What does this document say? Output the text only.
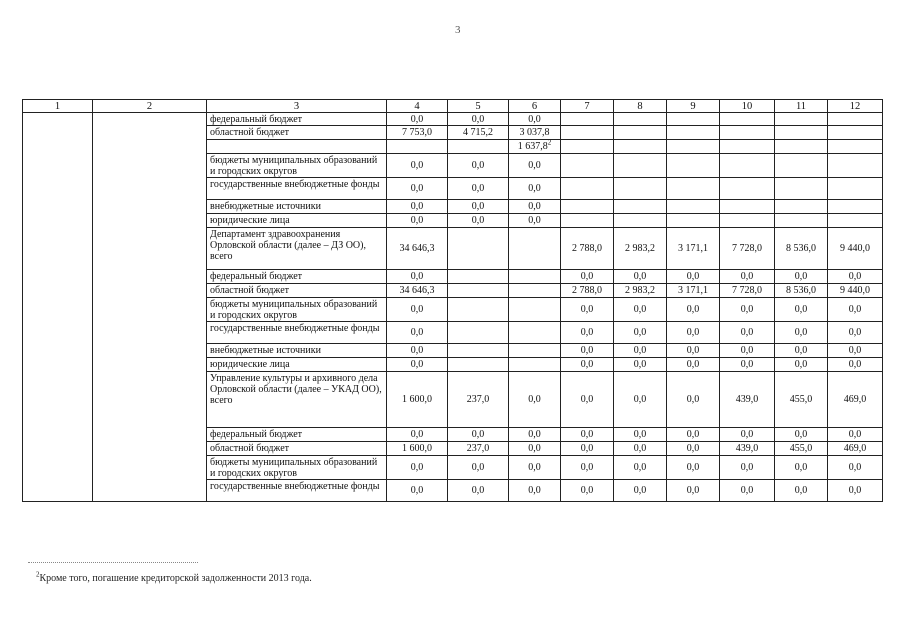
3
1	2	3	4	5	6	7	8	9	10	11	12
		федеральный бюджет	0,0	0,0	0,0						
		областной бюджет	7 753,0	4 715,2	3 037,8						
					1 637,8$^2$						
		бюджеты муниципальных образований и городских округов	0,0	0,0	0,0						
		государственные внебюджетные фонды	0,0	0,0	0,0						
		внебюджетные источники	0,0	0,0	0,0						
		юридические лица	0,0	0,0	0,0						
		Департамент здравоохранения Орловской области (далее – ДЗ ОО), всего	34 646,3			2 788,0	2 983,2	3 171,1	7 728,0	8 536,0	9 440,0
		федеральный бюджет	0,0			0,0	0,0	0,0	0,0	0,0	0,0
		областной бюджет	34 646,3			2 788,0	2 983,2	3 171,1	7 728,0	8 536,0	9 440,0
		бюджеты муниципальных образований и городских округов	0,0			0,0	0,0	0,0	0,0	0,0	0,0
		государственные внебюджетные фонды	0,0			0,0	0,0	0,0	0,0	0,0	0,0
		внебюджетные источники	0,0			0,0	0,0	0,0	0,0	0,0	0,0
		юридические лица	0,0			0,0	0,0	0,0	0,0	0,0	0,0
		Управление культуры и архивного дела Орловской области (далее – УКАД ОО), всего	1 600,0	237,0	0,0	0,0	0,0	0,0	439,0	455,0	469,0
		федеральный бюджет	0,0	0,0	0,0	0,0	0,0	0,0	0,0	0,0	0,0
		областной бюджет	1 600,0	237,0	0,0	0,0	0,0	0,0	439,0	455,0	469,0
		бюджеты муниципальных образований и городских округов	0,0	0,0	0,0	0,0	0,0	0,0	0,0	0,0	0,0
		государственные внебюджетные фонды	0,0	0,0	0,0	0,0	0,0	0,0	0,0	0,0	0,0
$^2$Кроме того, погашение кредиторской задолженности 2013 года.
